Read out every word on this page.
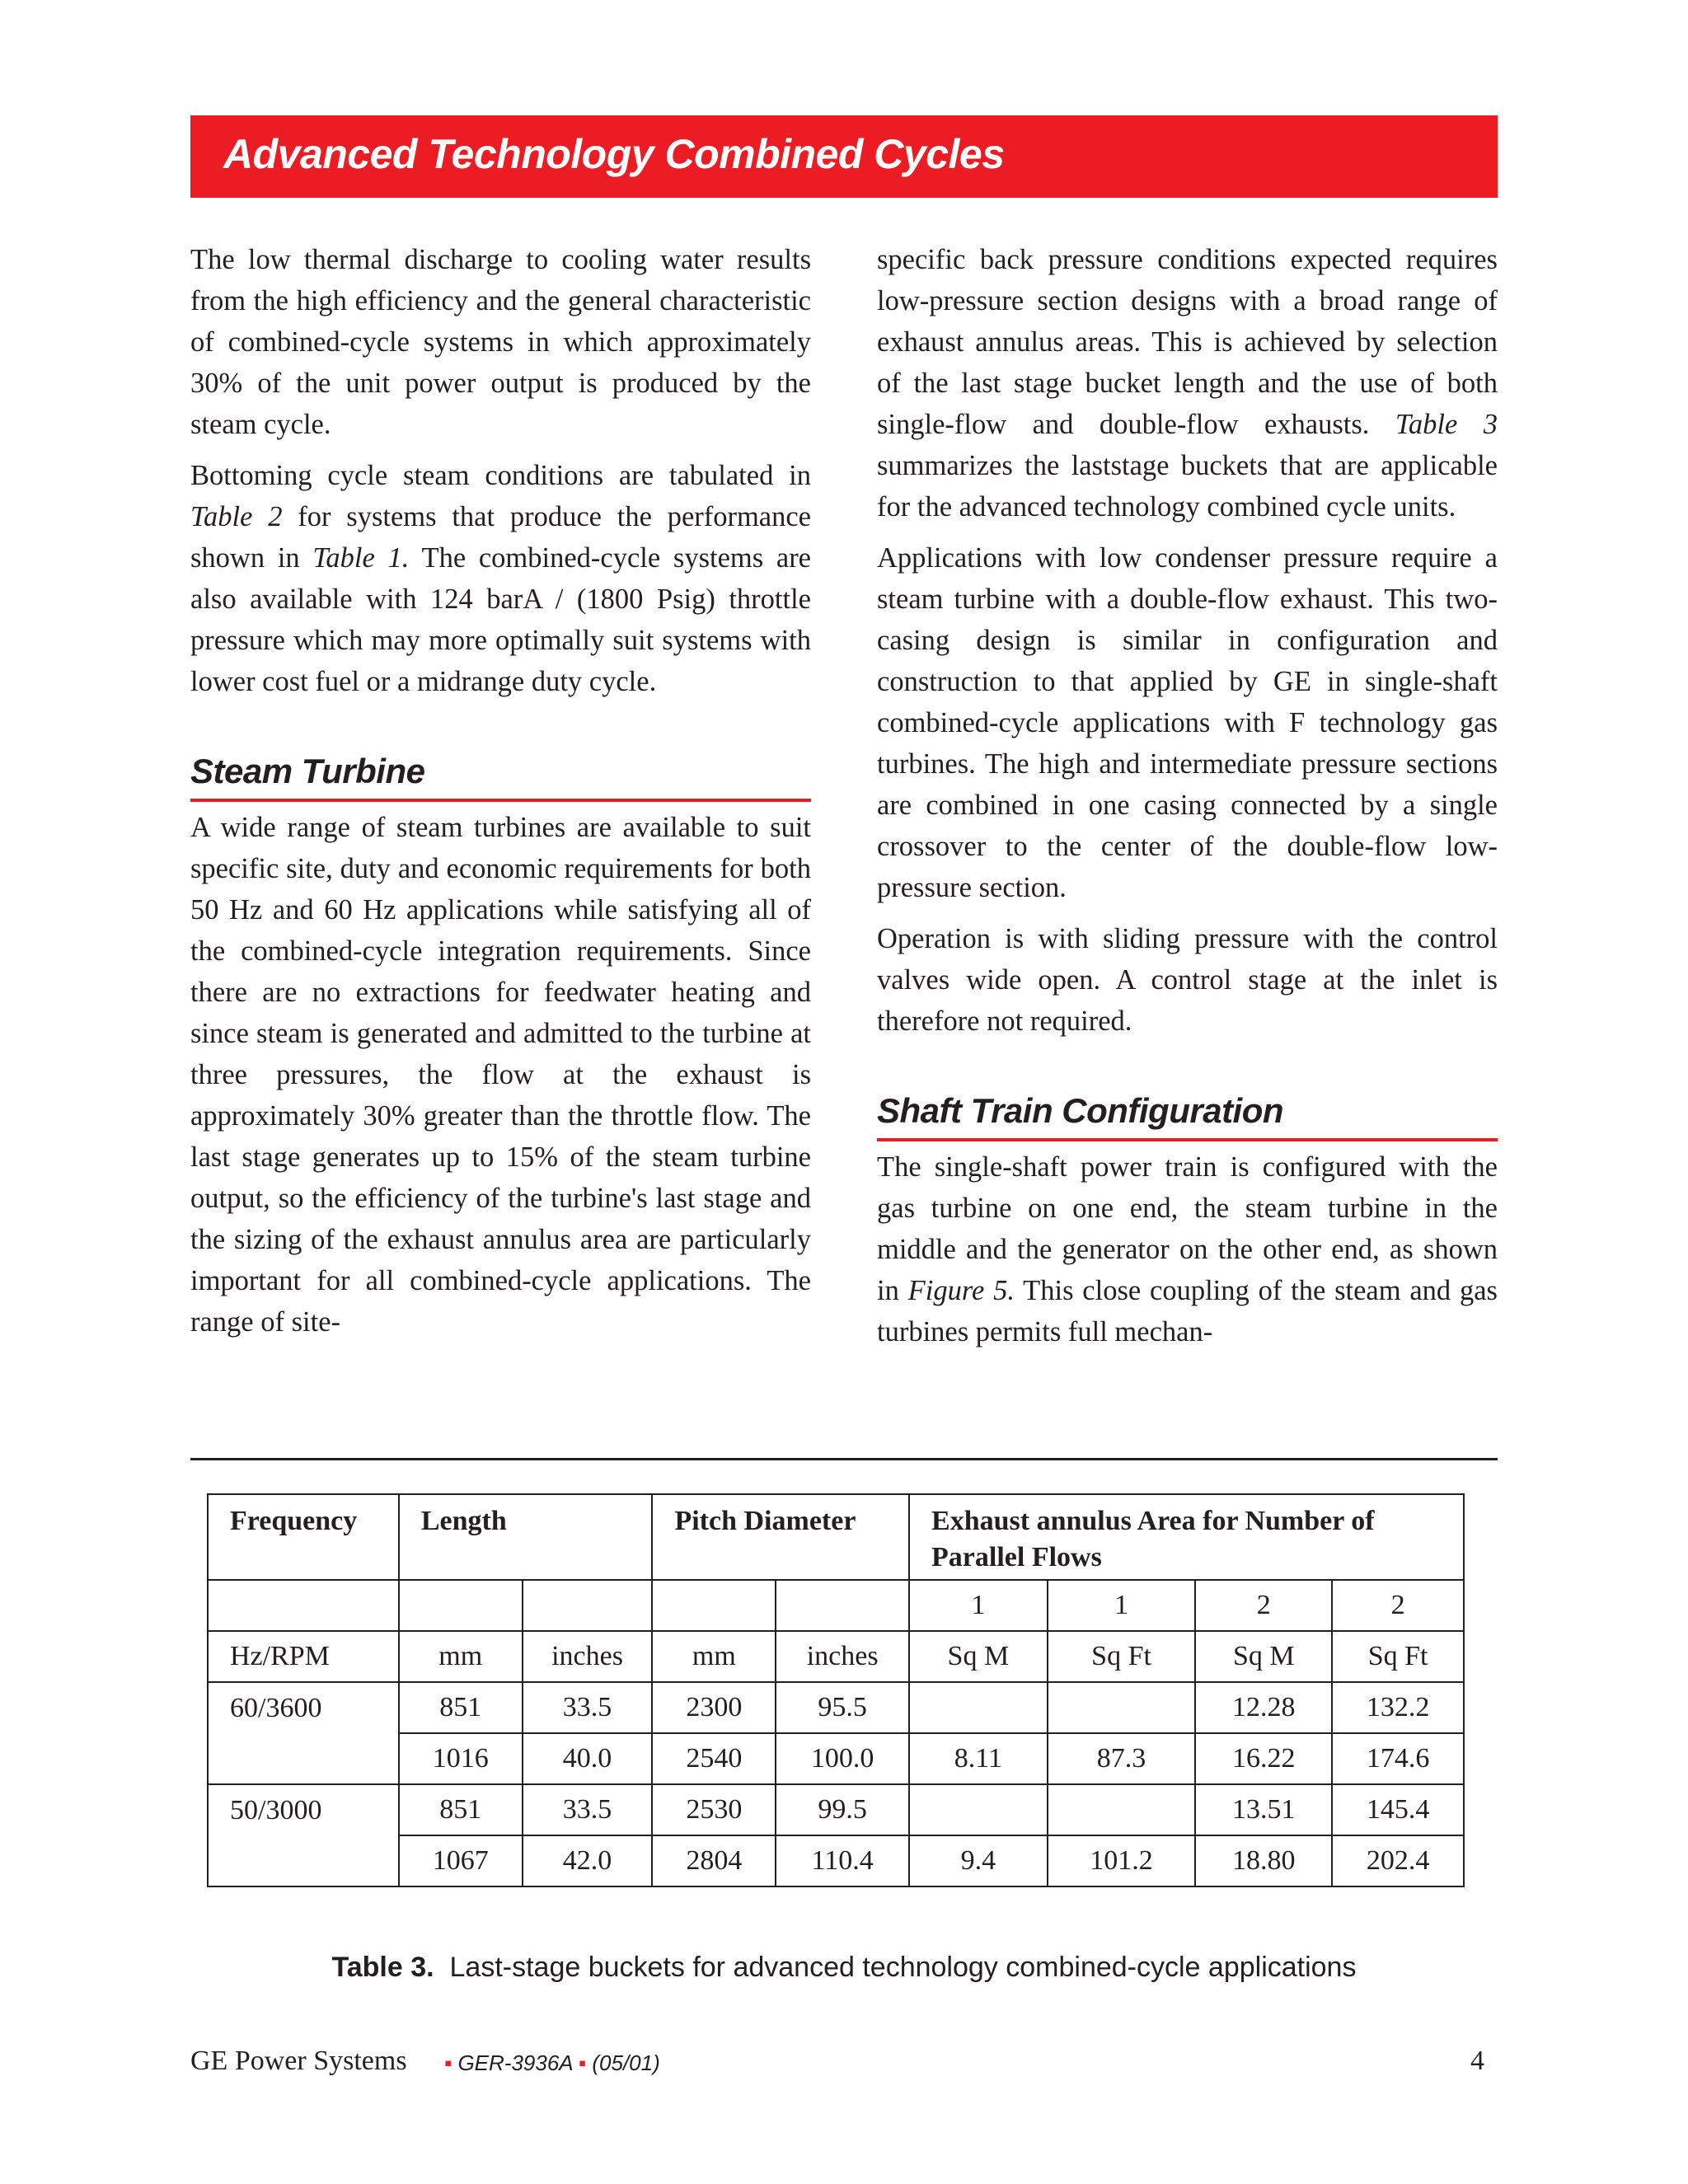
Advanced Technology Combined Cycles

The low thermal discharge to cooling water results from the high efficiency and the general characteristic of combined-cycle systems in which approximately 30% of the unit power output is produced by the steam cycle.

Bottoming cycle steam conditions are tabulated in Table 2 for systems that produce the performance shown in Table 1. The combined-cycle systems are also available with 124 barA / (1800 Psig) throttle pressure which may more optimally suit systems with lower cost fuel or a midrange duty cycle.

Steam Turbine

A wide range of steam turbines are available to suit specific site, duty and economic requirements for both 50 Hz and 60 Hz applications while satisfying all of the combined-cycle integration requirements. Since there are no extractions for feedwater heating and since steam is generated and admitted to the turbine at three pressures, the flow at the exhaust is approximately 30% greater than the throttle flow. The last stage generates up to 15% of the steam turbine output, so the efficiency of the turbine's last stage and the sizing of the exhaust annulus area are particularly important for all combined-cycle applications. The range of site-

specific back pressure conditions expected requires low-pressure section designs with a broad range of exhaust annulus areas. This is achieved by selection of the last stage bucket length and the use of both single-flow and double-flow exhausts. Table 3 summarizes the laststage buckets that are applicable for the advanced technology combined cycle units.

Applications with low condenser pressure require a steam turbine with a double-flow exhaust. This two-casing design is similar in configuration and construction to that applied by GE in single-shaft combined-cycle applications with F technology gas turbines. The high and intermediate pressure sections are combined in one casing connected by a single crossover to the center of the double-flow low-pressure section.

Operation is with sliding pressure with the control valves wide open. A control stage at the inlet is therefore not required.

Shaft Train Configuration

The single-shaft power train is configured with the gas turbine on one end, the steam turbine in the middle and the generator on the other end, as shown in Figure 5. This close coupling of the steam and gas turbines permits full mechan-

Frequency	Length		Pitch Diameter		Exhaust annulus Area for Number of Parallel Flows			
					1	1	2	2
Hz/RPM	mm	inches	mm	inches	Sq M	Sq Ft	Sq M	Sq Ft
60/3600	851	33.5	2300	95.5			12.28	132.2
	1016	40.0	2540	100.0	8.11	87.3	16.22	174.6
50/3000	851	33.5	2530	99.5			13.51	145.4
	1067	42.0	2804	110.4	9.4	101.2	18.80	202.4
Table 3. Last-stage buckets for advanced technology combined-cycle applications
GE Power Systems ▪ GER-3936A ▪ (05/01)	4
